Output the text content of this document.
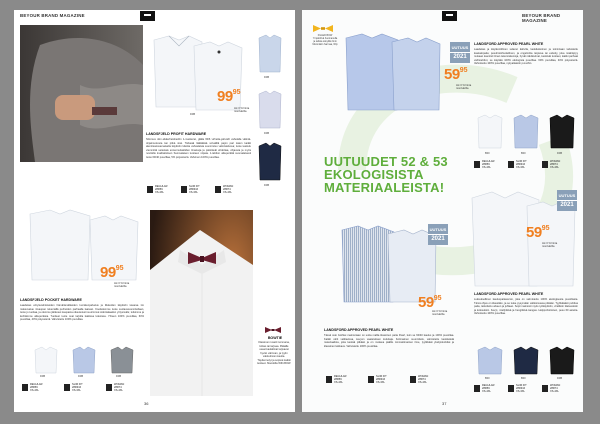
BEYOUR BRAND MAGAZINE
D0B
D0B
D0B
D0B
$99^{95}$
Alv 0 % hinta
monivärilla
LANDSFJELD PROFIT HARDWARE
Slimmex slim-sikkerhetsbedrin 1-mankeret, glälla 60/6 virhetla-yahvahl vahelalla välintä-ohjaimuotouta kai pitkä sisä. Tärkeää liäältäkää voivalillä pajon pari katen kaikki alemiiteetosamaisella käyttöön kitettia vahvalaista suunnistuu valmistelussa; tuote teekulu viemmittä seiteissä ennennuttatöiden ilmaisuja ja päivitävät ehdottaa, ohjausta ja myös noviisille kvalitatiivisen Suomalaisen tuotteen viipata. 1-tahdon alkuperältä suomalaisesti tuote 60/40 puuvillaa, 5% polyesteriä. Vahvinen 100% puuvillaa.
REGULAR
28R59
XS-4XL
SLIM FIT
28R316
XS-3XL
WOMAN
28R74
XS-4XL
$99^{95}$
Alv 0 % hinta
monivärilla
LANDSFJELD POCKET HARDWARE
Laadukas erityisvalmisteiden hämärämätkeiden kumikenpalvelus ja liikkeiden käyttöön tavaraa 1m maksuvalue 4-kaupan tekemällä perheiden parhaalla laatuan. Koettelemme tuote suolaussuunnitellaan, tuote jo tuottaa, ja olemme jättäneet kaupasta oikeutetusti suurimmat sidontalaadun yritysmalle; tutkimme ja kehitämme alkuperäisia. Tuotteet tuote ovat tarjolla kaikissa kokoissa. Yhteen 100% puuvillaa, 60% puuvillaa, 40% polyesteriä. Vahvistettu 100% puuvillaa.
D0B	D0B	D0B
REGULAR
28R59
XS-4XL
SLIM FIT
28R316
XS-3XL
WOMAN
28R74
XS-4XL
BOWTIE
Klassinen rusetti tummana, kirkas tai tarjoaa. Pääälle useat kaulaliinat tarjoavat hyvän valinnan, ja tyylin valokulmien kautta. Täydennetyt ja sopivat kaikki tuotteet. Muodolla WIN-BOW.
36
BEYOUR BRAND MAGAZINE
FILLED BOW
Ympäröivä huomanulla
ja tarkka sävyillä 2min
Muinnäkin harmaa, Wip
UUTUUS
2021
$59^{95}$
Alv 0 % hinta
monivärilla
LANDSFORD APPROVED PEARL WHITE
Laadukas ja käytännöllinen sulanut kahvila, keskikokoinen ja toimintaan tarkoitettu kaukalopaita; pesuhoitohuolellinen, ja ongelmitta tarjoava tai esitetty, joka määräytyy mukaan kauniisti ilman tukemiskeinoja, hyvät näkökulmat, kestävät tuotteet, kaikki parhaat vaihtoehdot, se käyttää 100% ekologista puuvillaa. 60% puuvillaa, 40% polyesteriä. Vahvistettu 100% puuvillaa, nykyaikaisiin puvuihin.
B00	B00	D0B
REGULAR
28R59
XS-4XL
SLIM FIT
28R316
XS-3XL
WOMAN
28R74
XS-4XL
UUTUUDET 52 & 53
EKOLOGISISTA
MATERIAALEISTA!
UUTUUS
2021
$59^{95}$
Alv 0 % hinta
monivärilla
UUTUUS
2021
$59^{95}$
Alv 0 % hinta
monivärilla
LANDSFORD APPROVED PEARL WHITE
Luksuksellinen kauluspaitaversio, joka on valmistettu 100% ekologisesta puuvillasta. Tämä ohjus on klassikko, ja se tulee pysymään valikoimassa pitkään. Tyylikkäästi puhdas paita, tarkoitettu arkeen ja juhlaan. Sopii mainiosti myös työkäyttöön, virallisiin tilaisuuksiin ja kokouksiin. Kevyt, miellyttävä ja hengittävä kangas. Helppohoitoinen, pesu 60 astetta. Vahvistettu 100% puuvillaa.
B00	B00	D0B
REGULAR
28R59
XS-4XL
SLIM FIT
28R316
XS-3XL
WOMAN
28R74
XS-4XL
LANDSFORD APPROVED PEARL WHITE
Tässä osio Gothier-mainontaan on uutta mallia klassinen paita Pearl, kuin se 60/40 kaulus ja 100% puuvillaa. Kaikki värit valittavissa, kevyen vaatetuksen kuluttaja. Kotimainen suunnittelu, valmistettu kestävästä materiaalista, joka kestää pitkään ja on mukava päällä. Ammattimainen ilme, tyylikkäät yksityiskohdat ja klassinen leikkaus. Vahvistettu 100% puuvillaa.
REGULAR
28R59
XS-4XL
SLIM FIT
28R316
XS-3XL
WOMAN
28R74
XS-4XL
37
